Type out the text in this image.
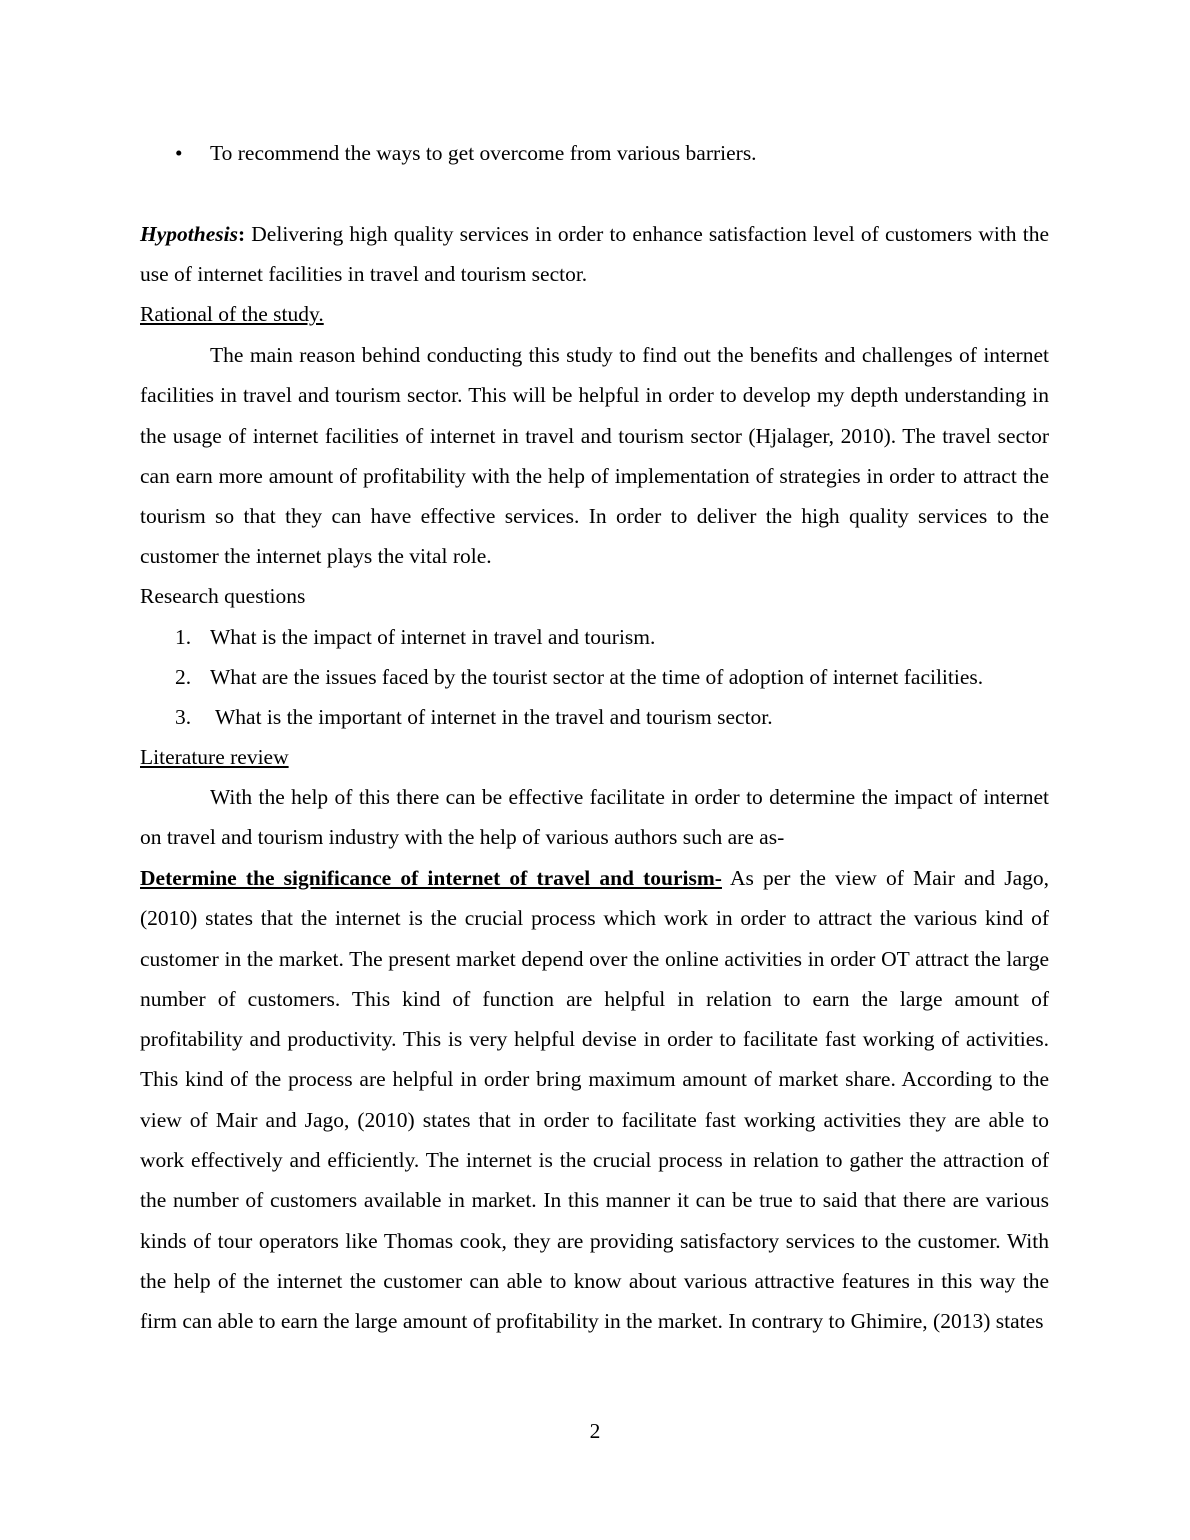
• To recommend the ways to get overcome from various barriers.
Hypothesis: Delivering high quality services in order to enhance satisfaction level of customers with the use of internet facilities in travel and tourism sector.
Rational of the study.
The main reason behind conducting this study to find out the benefits and challenges of internet facilities in travel and tourism sector. This will be helpful in order to develop my depth understanding in the usage of internet facilities of internet in travel and tourism sector (Hjalager, 2010). The travel sector can earn more amount of profitability with the help of implementation of strategies in order to attract the tourism so that they can have effective services. In order to deliver the high quality services to the customer the internet plays the vital role.
Research questions
1. What is the impact of internet in travel and tourism.
2. What are the issues faced by the tourist sector at the time of adoption of internet facilities.
3. What is the important of internet in the travel and tourism sector.
Literature review
With the help of this there can be effective facilitate in order to determine the impact of internet on travel and tourism industry with the help of various authors such are as-
Determine the significance of internet of travel and tourism- As per the view of Mair and Jago, (2010) states that the internet is the crucial process which work in order to attract the various kind of customer in the market. The present market depend over the online activities in order OT attract the large number of customers. This kind of function are helpful in relation to earn the large amount of profitability and productivity. This is very helpful devise in order to facilitate fast working of activities. This kind of the process are helpful in order bring maximum amount of market share. According to the view of Mair and Jago, (2010) states that in order to facilitate fast working activities they are able to work effectively and efficiently. The internet is the crucial process in relation to gather the attraction of the number of customers available in market. In this manner it can be true to said that there are various kinds of tour operators like Thomas cook, they are providing satisfactory services to the customer. With the help of the internet the customer can able to know about various attractive features in this way the firm can able to earn the large amount of profitability in the market. In contrary to Ghimire, (2013) states
2
